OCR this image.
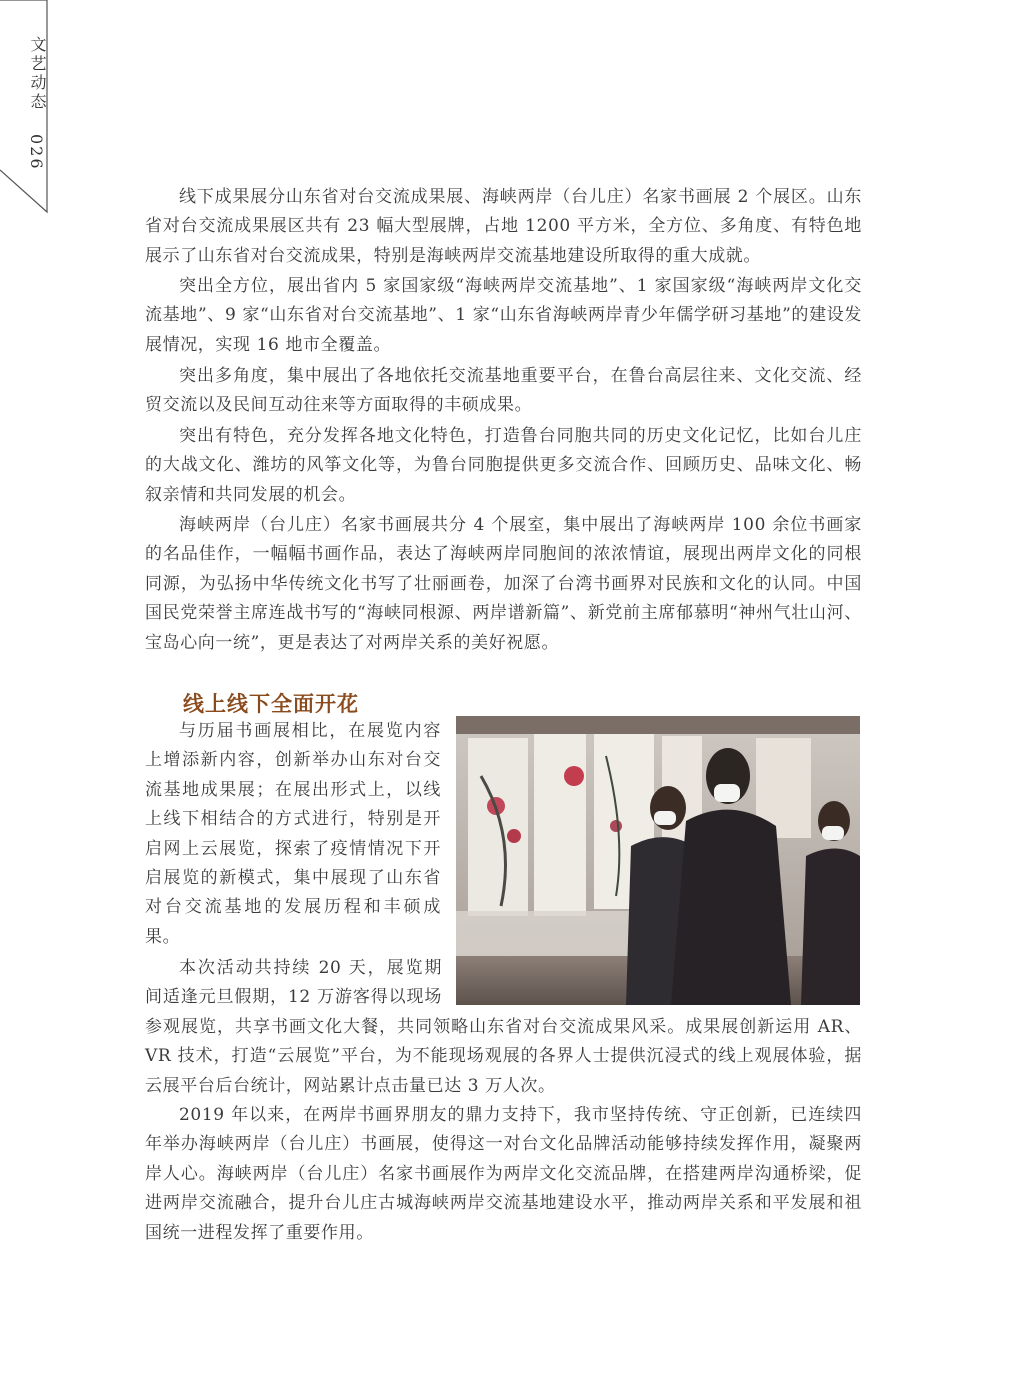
文艺动态
026

线下成果展分山东省对台交流成果展、海峡两岸（台儿庄）名家书画展 2 个展区。山东省对台交流成果展区共有 23 幅大型展牌，占地 1200 平方米，全方位、多角度、有特色地展示了山东省对台交流成果，特别是海峡两岸交流基地建设所取得的重大成就。

突出全方位，展出省内 5 家国家级“海峡两岸交流基地”、1 家国家级“海峡两岸文化交流基地”、9 家“山东省对台交流基地”、1 家“山东省海峡两岸青少年儒学研习基地”的建设发展情况，实现 16 地市全覆盖。

突出多角度，集中展出了各地依托交流基地重要平台，在鲁台高层往来、文化交流、经贸交流以及民间互动往来等方面取得的丰硕成果。

突出有特色，充分发挥各地文化特色，打造鲁台同胞共同的历史文化记忆，比如台儿庄的大战文化、潍坊的风筝文化等，为鲁台同胞提供更多交流合作、回顾历史、品味文化、畅叙亲情和共同发展的机会。

海峡两岸（台儿庄）名家书画展共分 4 个展室，集中展出了海峡两岸 100 余位书画家的名品佳作，一幅幅书画作品，表达了海峡两岸同胞间的浓浓情谊，展现出两岸文化的同根同源，为弘扬中华传统文化书写了壮丽画卷，加深了台湾书画界对民族和文化的认同。中国国民党荣誉主席连战书写的“海峡同根源、两岸谱新篇”、新党前主席郁慕明“神州气壮山河、宝岛心向一统”，更是表达了对两岸关系的美好祝愿。

线上线下全面开花

与历届书画展相比，在展览内容上增添新内容，创新举办山东对台交流基地成果展；在展出形式上，以线上线下相结合的方式进行，特别是开启网上云展览，探索了疫情情况下开启展览的新模式，集中展现了山东省对台交流基地的发展历程和丰硕成果。

本次活动共持续 20 天，展览期间适逢元旦假期，12 万游客得以现场参观展览，共享书画文化大餐，共同领略山东省对台交流成果风采。成果展创新运用 AR、VR 技术，打造“云展览”平台，为不能现场观展的各界人士提供沉浸式的线上观展体验，据云展平台后台统计，网站累计点击量已达 3 万人次。

2019 年以来，在两岸书画界朋友的鼎力支持下，我市坚持传统、守正创新，已连续四年举办海峡两岸（台儿庄）书画展，使得这一对台文化品牌活动能够持续发挥作用，凝聚两岸人心。海峡两岸（台儿庄）名家书画展作为两岸文化交流品牌，在搭建两岸沟通桥梁，促进两岸交流融合，提升台儿庄古城海峡两岸交流基地建设水平，推动两岸关系和平发展和祖国统一进程发挥了重要作用。
